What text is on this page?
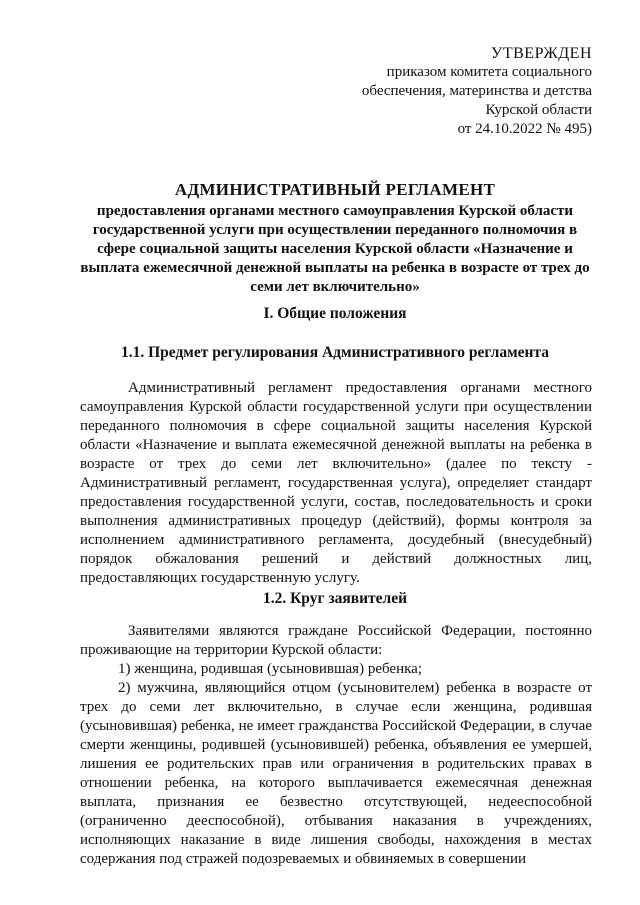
УТВЕРЖДЕН
приказом комитета социального
обеспечения, материнства и детства
Курской области
от 24.10.2022 № 495)
АДМИНИСТРАТИВНЫЙ РЕГЛАМЕНТ
предоставления органами местного самоуправления Курской области государственной услуги при осуществлении переданного полномочия в сфере социальной защиты населения Курской области «Назначение и выплата ежемесячной денежной выплаты на ребенка в возрасте от трех до семи лет включительно»
I. Общие положения
1.1. Предмет регулирования Административного регламента

Административный регламент предоставления органами местного самоуправления Курской области государственной услуги при осуществлении переданного полномочия в сфере социальной защиты населения Курской области «Назначение и выплата ежемесячной денежной выплаты на ребенка в возрасте от трех до семи лет включительно» (далее по тексту - Административный регламент, государственная услуга), определяет стандарт предоставления государственной услуги, состав, последовательность и сроки выполнения административных процедур (действий), формы контроля за исполнением административного регламента, досудебный (внесудебный) порядок обжалования решений и действий должностных лиц, предоставляющих государственную услугу.

1.2. Круг заявителей

Заявителями являются граждане Российской Федерации, постоянно проживающие на территории Курской области:

1) женщина, родившая (усыновившая) ребенка;

2) мужчина, являющийся отцом (усыновителем) ребенка в возрасте от трех до семи лет включительно, в случае если женщина, родившая (усыновившая) ребенка, не имеет гражданства Российской Федерации, в случае смерти женщины, родившей (усыновившей) ребенка, объявления ее умершей, лишения ее родительских прав или ограничения в родительских правах в отношении ребенка, на которого выплачивается ежемесячная денежная выплата, признания ее безвестно отсутствующей, недееспособной (ограниченно дееспособной), отбывания наказания в учреждениях, исполняющих наказание в виде лишения свободы, нахождения в местах содержания под стражей подозреваемых и обвиняемых в совершении
